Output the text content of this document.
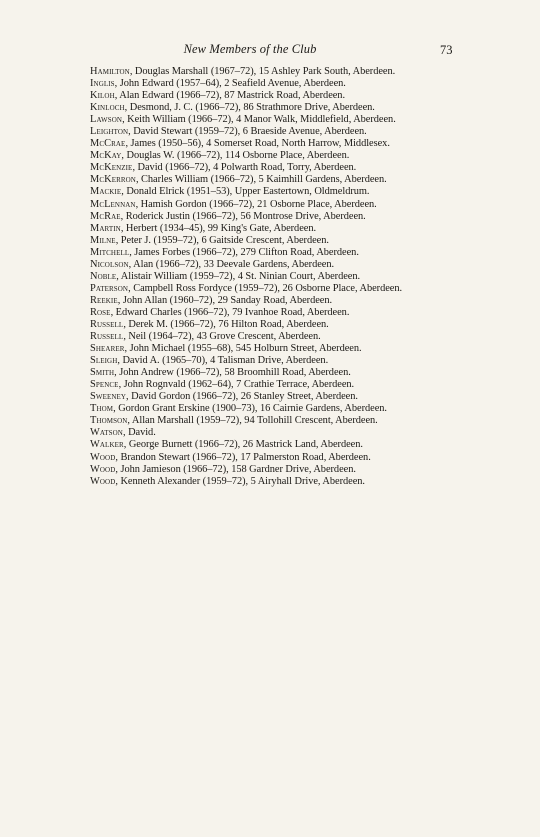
New Members of the Club	73
Hamilton, Douglas Marshall (1967–72), 15 Ashley Park South, Aberdeen.
Inglis, John Edward (1957–64), 2 Seafield Avenue, Aberdeen.
Kiloh, Alan Edward (1966–72), 87 Mastrick Road, Aberdeen.
Kinloch, Desmond, J. C. (1966–72), 86 Strathmore Drive, Aberdeen.
Lawson, Keith William (1966–72), 4 Manor Walk, Middlefield, Aberdeen.
Leighton, David Stewart (1959–72), 6 Braeside Avenue, Aberdeen.
McCrae, James (1950–56), 4 Somerset Road, North Harrow, Middlesex.
McKay, Douglas W. (1966–72), 114 Osborne Place, Aberdeen.
McKenzie, David (1966–72), 4 Polwarth Road, Torry, Aberdeen.
McKerron, Charles William (1966–72), 5 Kaimhill Gardens, Aberdeen.
Mackie, Donald Elrick (1951–53), Upper Eastertown, Oldmeldrum.
McLennan, Hamish Gordon (1966–72), 21 Osborne Place, Aberdeen.
McRae, Roderick Justin (1966–72), 56 Montrose Drive, Aberdeen.
Martin, Herbert (1934–45), 99 King's Gate, Aberdeen.
Milne, Peter J. (1959–72), 6 Gaitside Crescent, Aberdeen.
Mitchell, James Forbes (1966–72), 279 Clifton Road, Aberdeen.
Nicolson, Alan (1966–72), 33 Deevale Gardens, Aberdeen.
Noble, Alistair William (1959–72), 4 St. Ninian Court, Aberdeen.
Paterson, Campbell Ross Fordyce (1959–72), 26 Osborne Place, Aberdeen.
Reekie, John Allan (1960–72), 29 Sanday Road, Aberdeen.
Rose, Edward Charles (1966–72), 79 Ivanhoe Road, Aberdeen.
Russell, Derek M. (1966–72), 76 Hilton Road, Aberdeen.
Russell, Neil (1964–72), 43 Grove Crescent, Aberdeen.
Shearer, John Michael (1955–68), 545 Holburn Street, Aberdeen.
Sleigh, David A. (1965–70), 4 Talisman Drive, Aberdeen.
Smith, John Andrew (1966–72), 58 Broomhill Road, Aberdeen.
Spence, John Rognvald (1962–64), 7 Crathie Terrace, Aberdeen.
Sweeney, David Gordon (1966–72), 26 Stanley Street, Aberdeen.
Thom, Gordon Grant Erskine (1900–73), 16 Cairnie Gardens, Aberdeen.
Thomson, Allan Marshall (1959–72), 94 Tollohill Crescent, Aberdeen.
Watson, David.
Walker, George Burnett (1966–72), 26 Mastrick Land, Aberdeen.
Wood, Brandon Stewart (1966–72), 17 Palmerston Road, Aberdeen.
Wood, John Jamieson (1966–72), 158 Gardner Drive, Aberdeen.
Wood, Kenneth Alexander (1959–72), 5 Airyhall Drive, Aberdeen.
